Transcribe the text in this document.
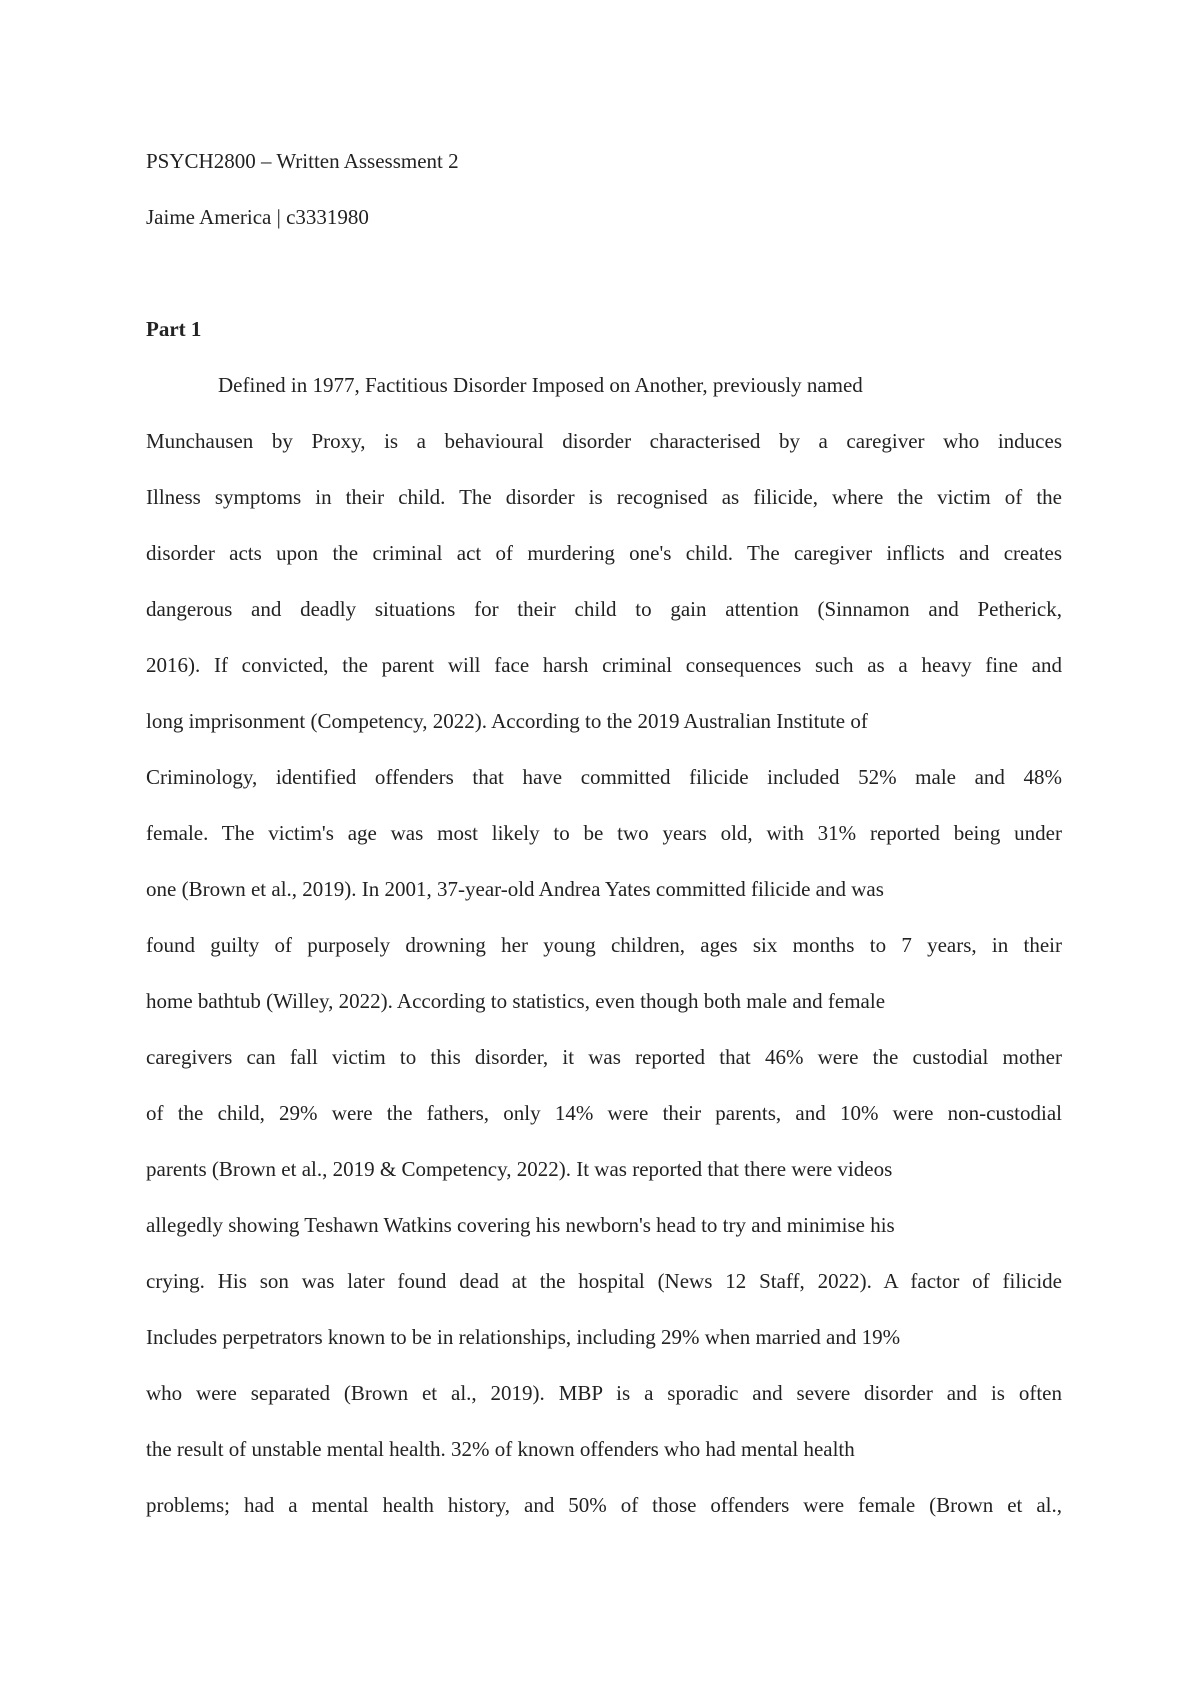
PSYCH2800 – Written Assessment 2

Jaime America | c3331980

Part 1

Defined in 1977, Factitious Disorder Imposed on Another, previously named

Munchausen by Proxy, is a behavioural disorder characterised by a caregiver who induces

Illness symptoms in their child. The disorder is recognised as filicide, where the victim of the

disorder acts upon the criminal act of murdering one's child. The caregiver inflicts and creates

dangerous and deadly situations for their child to gain attention (Sinnamon and Petherick,

2016). If convicted, the parent will face harsh criminal consequences such as a heavy fine and

long imprisonment (Competency, 2022). According to the 2019 Australian Institute of

Criminology, identified offenders that have committed filicide included 52% male and 48%

female. The victim's age was most likely to be two years old, with 31% reported being under

one (Brown et al., 2019). In 2001, 37-year-old Andrea Yates committed filicide and was

found guilty of purposely drowning her young children, ages six months to 7 years, in their

home bathtub (Willey, 2022). According to statistics, even though both male and female

caregivers can fall victim to this disorder, it was reported that 46% were the custodial mother

of the child, 29% were the fathers, only 14% were their parents, and 10% were non-custodial

parents (Brown et al., 2019 & Competency, 2022). It was reported that there were videos

allegedly showing Teshawn Watkins covering his newborn's head to try and minimise his

crying. His son was later found dead at the hospital (News 12 Staff, 2022). A factor of filicide

Includes perpetrators known to be in relationships, including 29% when married and 19%

who were separated (Brown et al., 2019). MBP is a sporadic and severe disorder and is often

the result of unstable mental health. 32% of known offenders who had mental health

problems; had a mental health history, and 50% of those offenders were female (Brown et al.,
